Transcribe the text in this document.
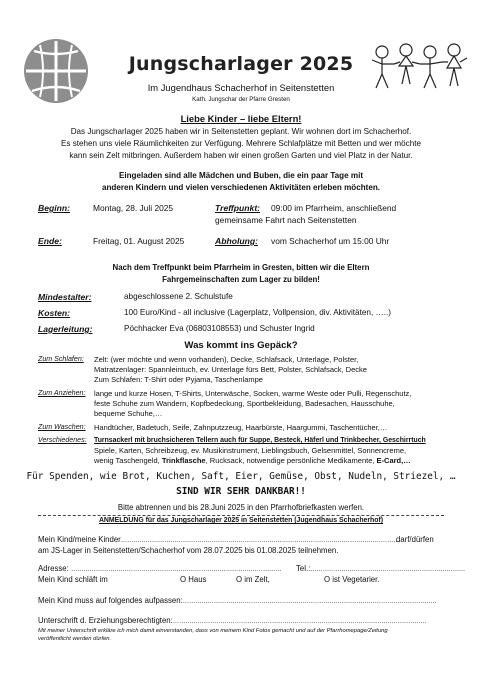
Jungscharlager 2025
Im Jugendhaus Schacherhof in Seitenstetten
Kath. Jungschar der Pfarre Gresten
Liebe Kinder – liebe Eltern!
Das Jungscharlager 2025 haben wir in Seitenstetten geplant. Wir wohnen dort im Schacherhof.
Es stehen uns viele Räumlichkeiten zur Verfügung. Mehrere Schlafplätze mit Betten und wer möchte
kann sein Zelt mitbringen. Außerdem haben wir einen großen Garten und viel Platz in der Natur.
Eingeladen sind alle Mädchen und Buben, die ein paar Tage mit
anderen Kindern und vielen verschiedenen Aktivitäten erleben möchten.
Beginn:	Montag, 28. Juli 2025	Treffpunkt: 09:00 im Pfarrheim, anschließend
gemeinsame Fahrt nach Seitenstetten
Ende:	Freitag, 01. August 2025	Abholung: vom Schacherhof um 15:00 Uhr
Nach dem Treffpunkt beim Pfarrheim in Gresten, bitten wir die Eltern
Fahrgemeinschaften zum Lager zu bilden!
Mindestalter:	abgeschlossene 2. Schulstufe
Kosten:	100 Euro/Kind - all inclusive (Lagerplatz, Vollpension, div. Aktivitäten, …..)
Lagerleitung:	Pöchhacker Eva (06803108553) und Schuster Ingrid
Was kommt ins Gepäck?
Zum Schlafen: Zelt: (wer möchte und wenn vorhanden), Decke, Schlafsack, Unterlage, Polster,
Matratzenlager: Spannleintuch, ev. Unterlage fürs Bett, Polster, Schlafsack, Decke
Zum Schlafen: T-Shirt oder Pyjama, Taschenlampe
Zum Anziehen: lange und kurze Hosen, T-Shirts, Unterwäsche, Socken, warme Weste oder Pulli, Regenschutz,
feste Schuhe zum Wandern, Kopfbedeckung, Sportbekleidung, Badesachen, Hausschuhe,
bequeme Schuhe,…
Zum Waschen: Handtücher, Badetuch, Seife, Zahnputzzeug, Haarbürste, Haargummi, Taschentücher,…
Verschiedenes: Turnsackerl mit bruchsicheren Tellern auch für Suppe, Besteck, Häferl und Trinkbecher, Geschirrtuch
Spiele, Karten, Schreibzeug, ev. Musikinstrument, Lieblingsbuch, Gelsenmittel, Sonnencreme,
wenig Taschengeld, Trinkflasche, Rucksack, notwendige persönliche Medikamente, E-Card,…
Für Spenden, wie Brot, Kuchen, Saft, Eier, Gemüse, Obst, Nudeln, Striezel, …
SIND WIR SEHR DANKBAR!!
Bitte abtrennen und bis 28.Juni 2025 in den Pfarrhofbriefkasten werfen.
ANMELDUNG für das Jungscharlager 2025 in Seitenstetten (Jugendhaus Schacherhof)
Mein Kind/meine Kinder………………………………………………………………………………………………………………………
darf/dürfen
am JS-Lager in Seitenstetten/Schacherhof vom 28.07.2025 bis 01.08.2025 teilnehmen.
Adresse: ………………………………………………………………………………………… Tel.:…………………………………………………………………
Mein Kind schläft im	O Haus	O im Zelt,	O ist Vegetarier.
Mein Kind muss auf folgendes aufpassen:……………………………………………………………………………………………………………
Unterschrift d. Erziehungsberechtigten:……………………………………………………………………………………………………………
Mit meiner Unterschrift erkläre ich mich damit einverstanden, dass von meinem Kind Fotos gemacht und auf der Pfarrhomepage/Zeitung
veröffentlicht werden dürfen.
